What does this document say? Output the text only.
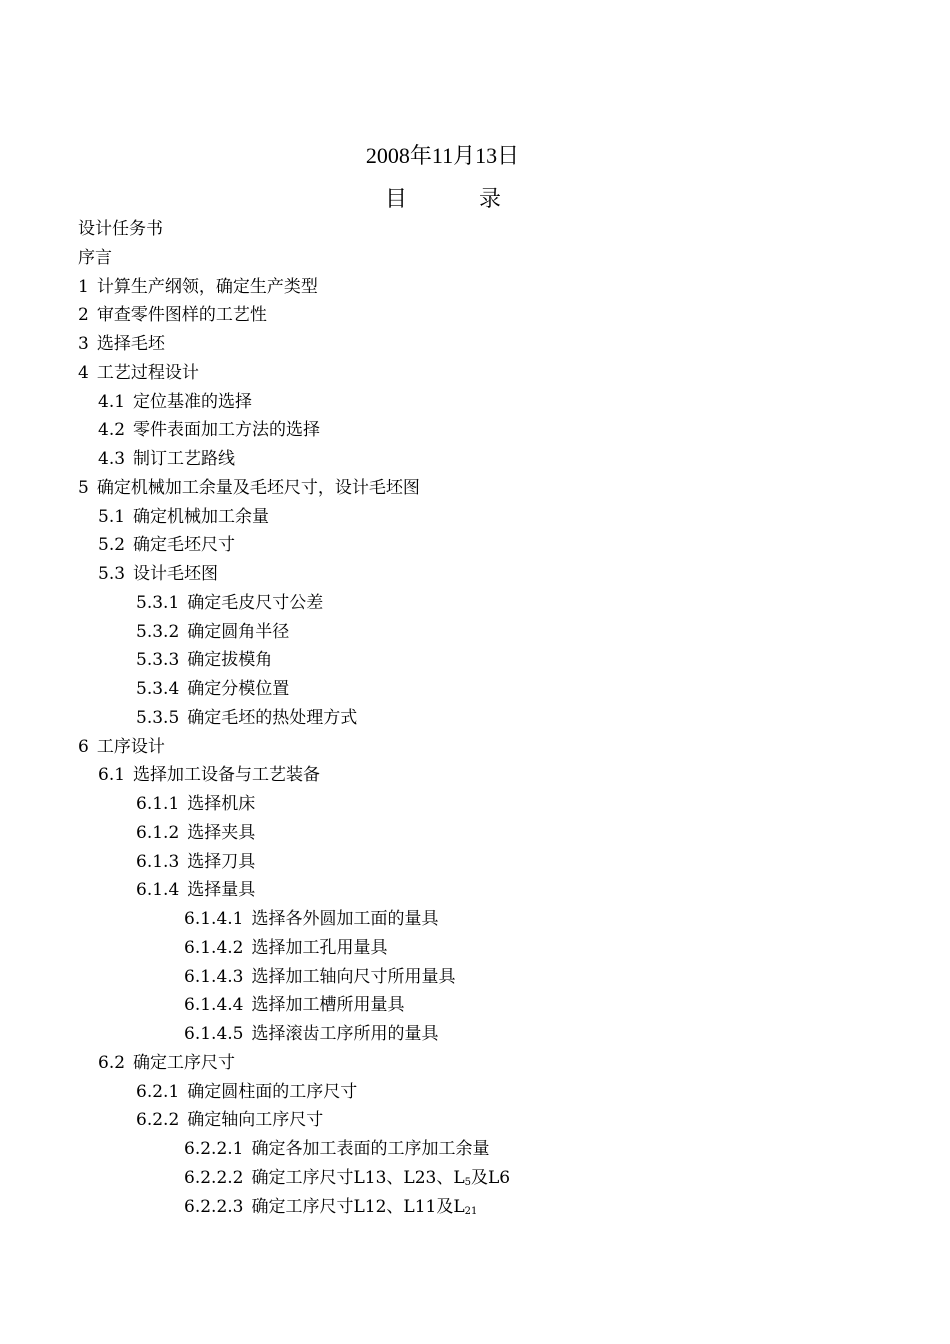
2008年11月13日
目	录
设计任务书
序言
1 计算生产纲领，确定生产类型
2 审查零件图样的工艺性
3 选择毛坯
4 工艺过程设计
4.1 定位基准的选择
4.2 零件表面加工方法的选择
4.3 制订工艺路线
5 确定机械加工余量及毛坯尺寸，设计毛坯图
5.1 确定机械加工余量
5.2 确定毛坯尺寸
5.3 设计毛坯图
5.3.1 确定毛皮尺寸公差
5.3.2 确定圆角半径
5.3.3 确定拔模角
5.3.4 确定分模位置
5.3.5 确定毛坯的热处理方式
6 工序设计
6.1 选择加工设备与工艺装备
6.1.1 选择机床
6.1.2 选择夹具
6.1.3 选择刀具
6.1.4 选择量具
6.1.4.1 选择各外圆加工面的量具
6.1.4.2 选择加工孔用量具
6.1.4.3 选择加工轴向尺寸所用量具
6.1.4.4 选择加工槽所用量具
6.1.4.5 选择滚齿工序所用的量具
6.2 确定工序尺寸
6.2.1 确定圆柱面的工序尺寸
6.2.2 确定轴向工序尺寸
6.2.2.1 确定各加工表面的工序加工余量
6.2.2.2 确定工序尺寸L13、L23、$L_5$及L6
6.2.2.3 确定工序尺寸L12、L11及$L_{21}$
